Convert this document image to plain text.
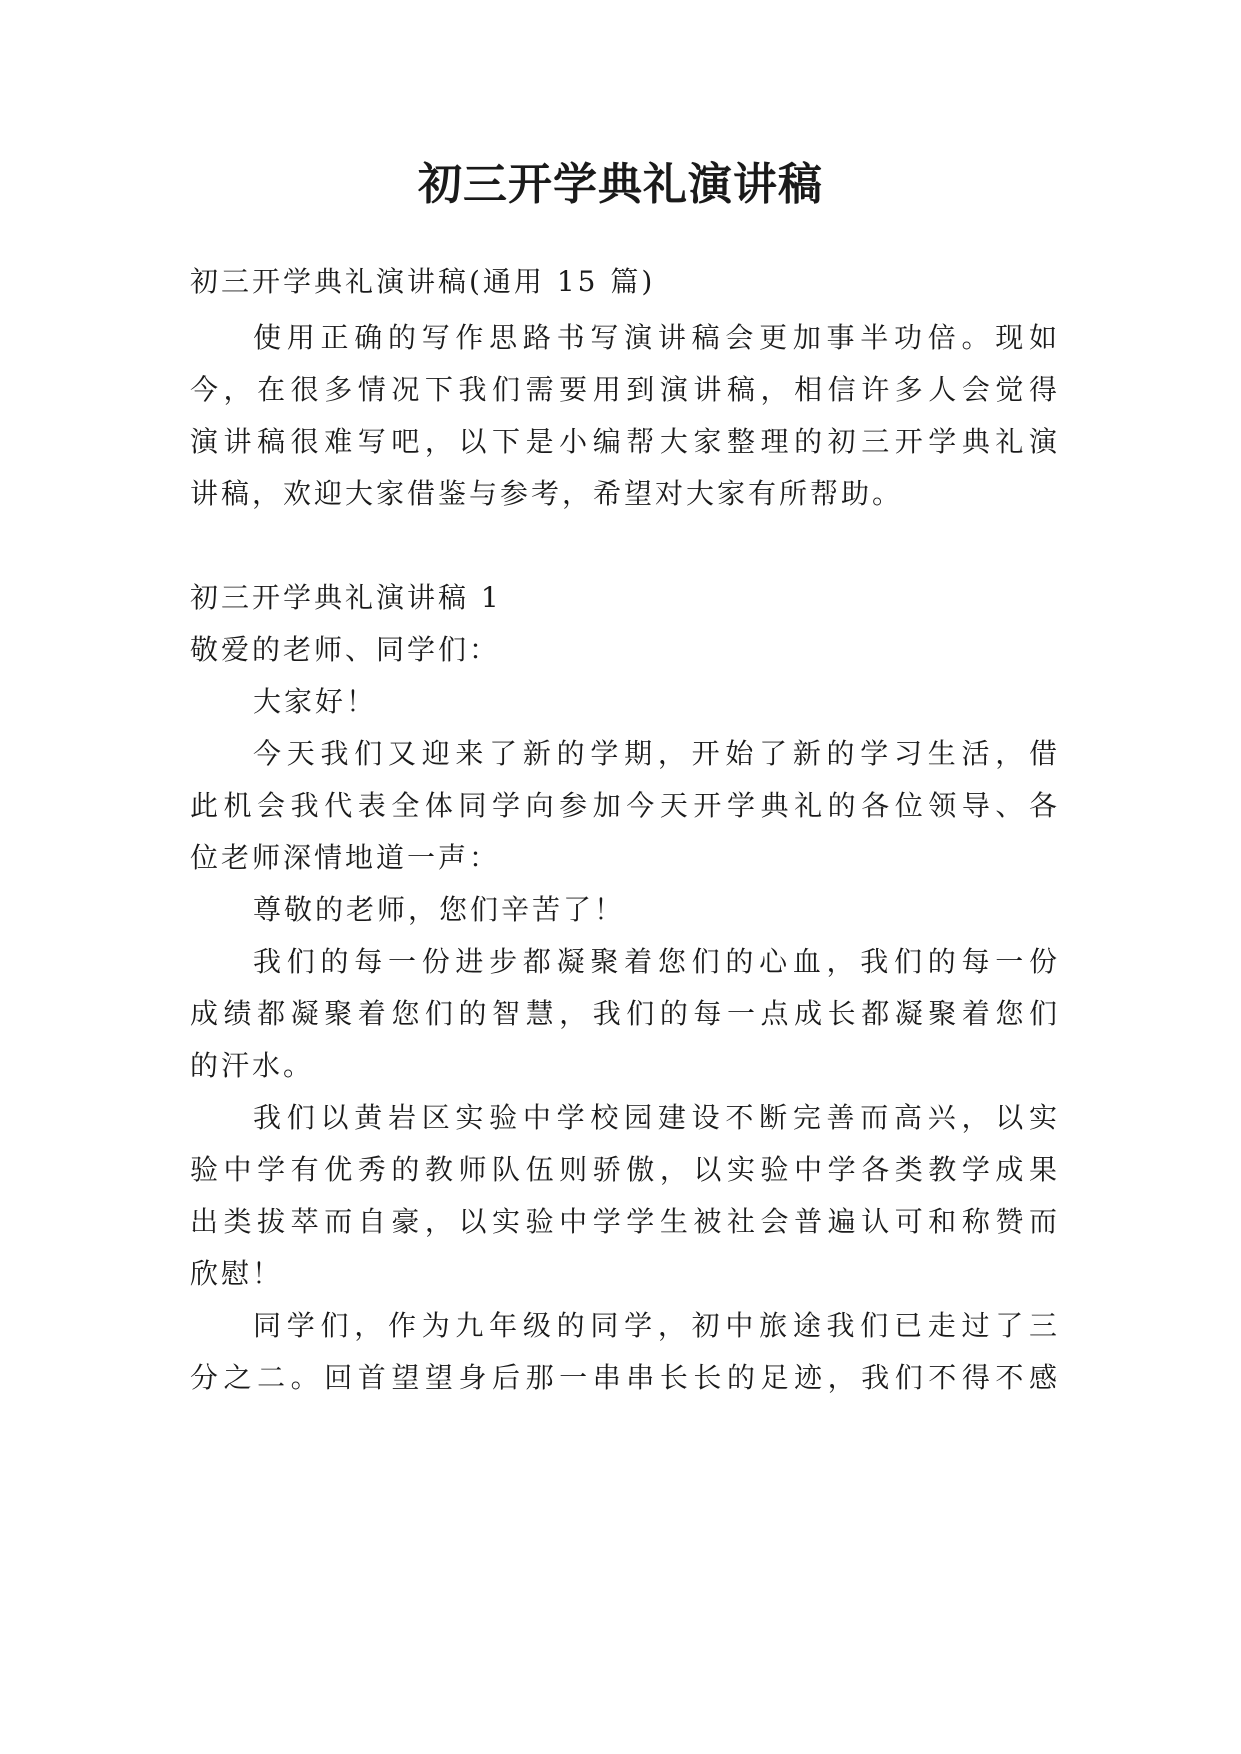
初三开学典礼演讲稿
初三开学典礼演讲稿(通用 15 篇)
使用正确的写作思路书写演讲稿会更加事半功倍。现如
今，在很多情况下我们需要用到演讲稿，相信许多人会觉得
演讲稿很难写吧，以下是小编帮大家整理的初三开学典礼演
讲稿，欢迎大家借鉴与参考，希望对大家有所帮助。
初三开学典礼演讲稿 1
敬爱的老师、同学们：
大家好！
今天我们又迎来了新的学期，开始了新的学习生活，借
此机会我代表全体同学向参加今天开学典礼的各位领导、各
位老师深情地道一声：
尊敬的老师，您们辛苦了！
我们的每一份进步都凝聚着您们的心血，我们的每一份
成绩都凝聚着您们的智慧，我们的每一点成长都凝聚着您们
的汗水。
我们以黄岩区实验中学校园建设不断完善而高兴，以实
验中学有优秀的教师队伍则骄傲，以实验中学各类教学成果
出类拔萃而自豪，以实验中学学生被社会普遍认可和称赞而
欣慰！
同学们，作为九年级的同学，初中旅途我们已走过了三
分之二。回首望望身后那一串串长长的足迹，我们不得不感
